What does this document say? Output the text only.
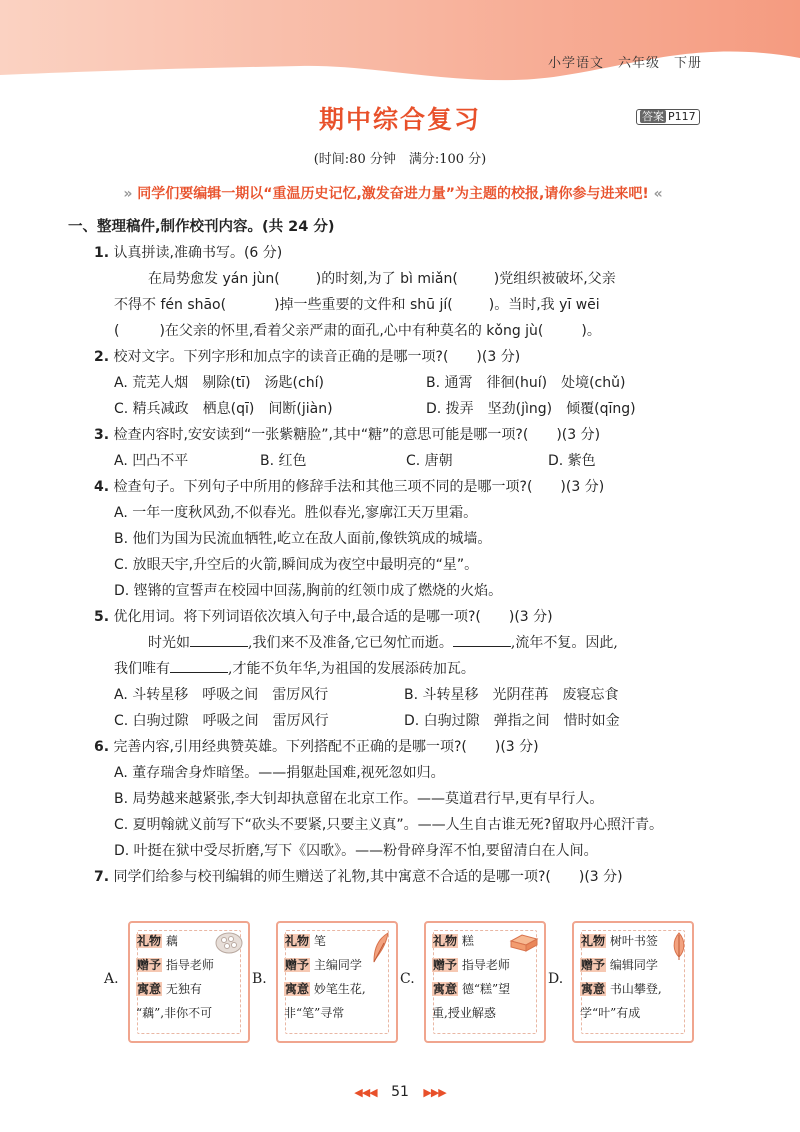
小学语文 六年级 下册
期中综合复习	答案 P117
(时间:80 分钟　满分:100 分)
» 同学们要编辑一期以“重温历史记忆,激发奋进力量”为主题的校报,请你参与进来吧! «
一、整理稿件,制作校刊内容。(共 24 分)
1. 认真拼读,准确书写。(6 分)
在局势愈发 yán jùn(	)的时刻,为了 bì miǎn(	)党组织被破坏,父亲
不得不 fén shāo(	)掉一些重要的文件和 shū jí(	)。当时,我 yī wēi
(	)在父亲的怀里,看着父亲严肃的面孔,心中有种莫名的 kǒng jù(	)。
2. 校对文字。下列字形和加点字的读音正确的是哪一项?(　　)(3 分)
A. 荒芜人烟　剔除(tī)　汤匙(chí)	B. 通霄　徘徊(huí)　处境(chǔ)
C. 精兵减政　栖息(qī)　间断(jiàn)	D. 拨弄　坚劲(jìng)　倾覆(qīng)
3. 检查内容时,安安读到“一张紫糖脸”,其中“糖”的意思可能是哪一项?(　　)(3 分)
A. 凹凸不平	B. 红色	C. 唐朝	D. 紫色
4. 检查句子。下列句子中所用的修辞手法和其他三项不同的是哪一项?(　　)(3 分)
A. 一年一度秋风劲,不似春光。胜似春光,寥廓江天万里霜。
B. 他们为国为民流血牺牲,屹立在敌人面前,像铁筑成的城墙。
C. 放眼天宇,升空后的火箭,瞬间成为夜空中最明亮的“星”。
D. 铿锵的宣誓声在校园中回荡,胸前的红领巾成了燃烧的火焰。
5. 优化用词。将下列词语依次填入句子中,最合适的是哪一项?(　　)(3 分)
时光如	,我们来不及准备,它已匆忙而逝。	,流年不复。因此,
我们唯有	,才能不负年华,为祖国的发展添砖加瓦。
A. 斗转星移　呼吸之间　雷厉风行	B. 斗转星移　光阴荏苒　废寝忘食
C. 白驹过隙　呼吸之间　雷厉风行	D. 白驹过隙　弹指之间　惜时如金
6. 完善内容,引用经典赞英雄。下列搭配不正确的是哪一项?(　　)(3 分)
A. 董存瑞舍身炸暗堡。——捐躯赴国难,视死忽如归。
B. 局势越来越紧张,李大钊却执意留在北京工作。——莫道君行早,更有早行人。
C. 夏明翰就义前写下“砍头不要紧,只要主义真”。——人生自古谁无死?留取丹心照汗青。
D. 叶挺在狱中受尽折磨,写下《囚歌》。——粉骨碎身浑不怕,要留清白在人间。
7. 同学们给参与校刊编辑的师生赠送了礼物,其中寓意不合适的是哪一项?(　　)(3 分)
A.
礼物 藕
赠予 指导老师
寓意 无独有
“藕”,非你不可
B.
礼物 笔
赠予 主编同学
寓意 妙笔生花,
非“笔”寻常
C.
礼物 糕
赠予 指导老师
寓意 德“糕”望
重,授业解惑
D.
礼物 树叶书签
赠予 编辑同学
寓意 书山攀登,
学“叶”有成
◀◀◀ 51 ▶▶▶
